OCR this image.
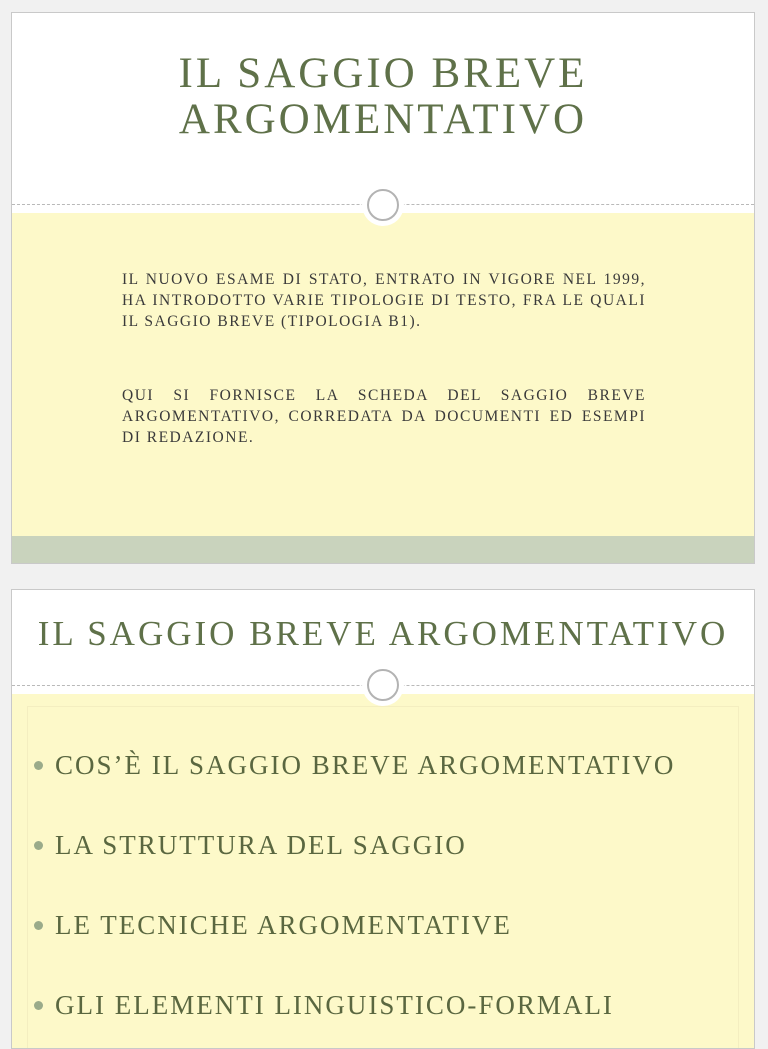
IL SAGGIO BREVE
ARGOMENTATIVO

IL NUOVO ESAME DI STATO, ENTRATO IN VIGORE NEL 1999, HA INTRODOTTO VARIE TIPOLOGIE DI TESTO, FRA LE QUALI IL SAGGIO BREVE (TIPOLOGIA B1).

QUI SI FORNISCE LA SCHEDA DEL SAGGIO BREVE ARGOMENTATIVO, CORREDATA DA DOCUMENTI ED ESEMPI DI REDAZIONE.

IL SAGGIO BREVE ARGOMENTATIVO
COS’È IL SAGGIO BREVE ARGOMENTATIVO
LA STRUTTURA DEL SAGGIO
LE TECNICHE ARGOMENTATIVE
GLI ELEMENTI LINGUISTICO-FORMALI
